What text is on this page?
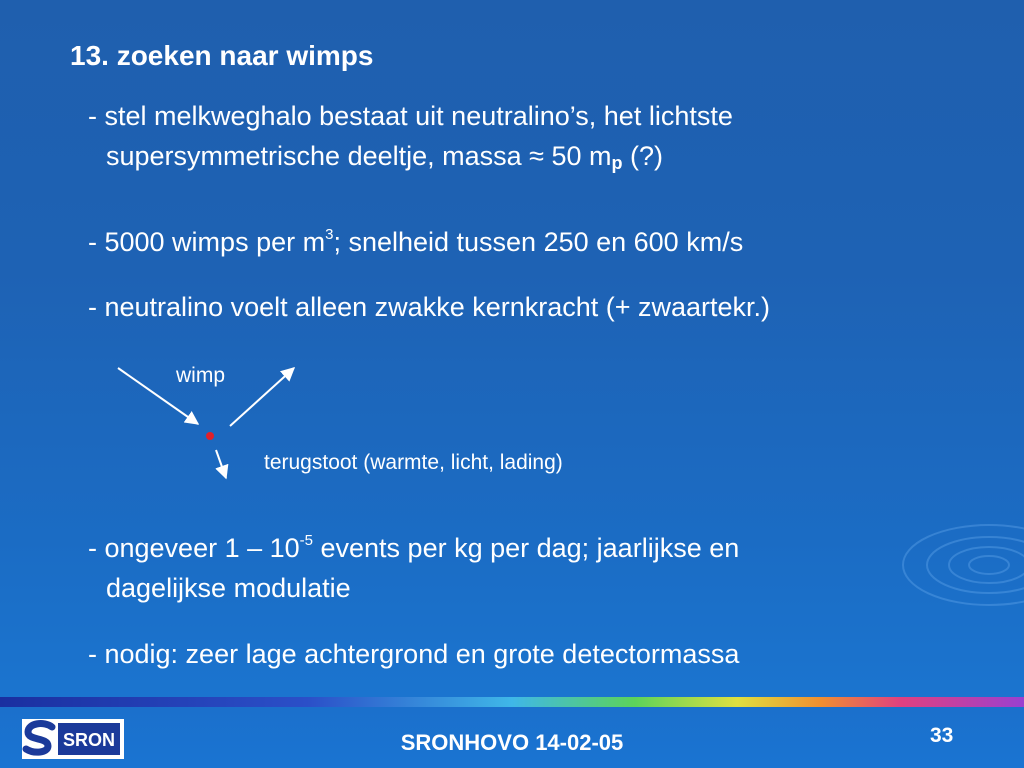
13. zoeken naar wimps
- stel melkweghalo bestaat uit neutralino’s, het lichtste
supersymmetrische deeltje, massa ≈ 50 $m_p$ (?)
- 5000 wimps per $m^3$; snelheid tussen 250 en 600 km/s
- neutralino voelt alleen zwakke kernkracht (+ zwaartekr.)
wimp
terugstoot (warmte, licht, lading)
- ongeveer $1 - 10^{-5}$ events per kg per dag; jaarlijkse en
dagelijkse modulatie
- nodig: zeer lage achtergrond en grote detectormassa
SRON	SRONHOVO 14-02-05	33
